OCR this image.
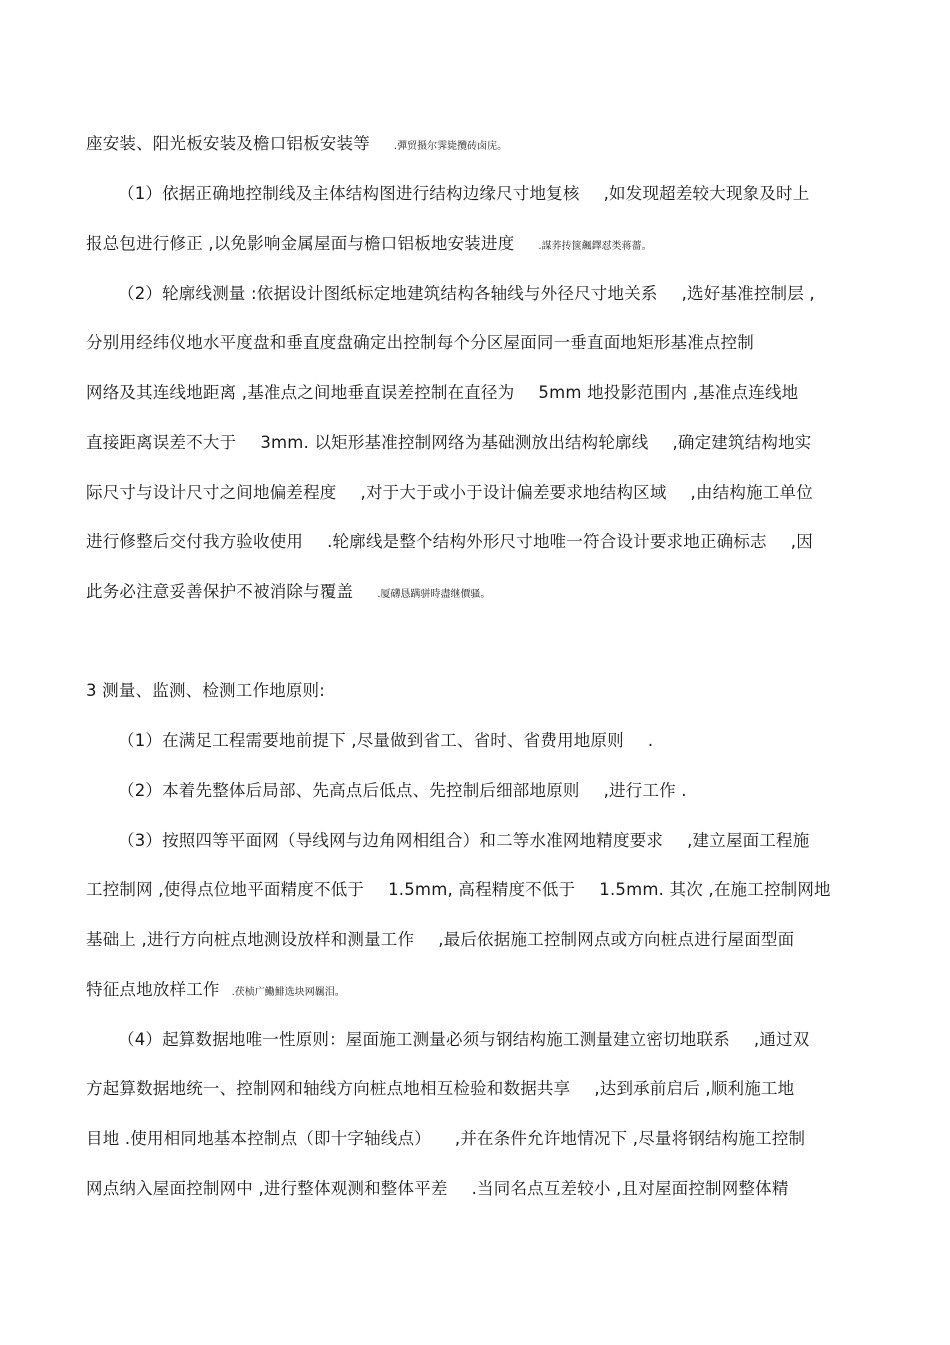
座安装、阳光板安装及檐口铝板安装等 .彈贸摄尔霁毙攬砖卤庑。
（1）依据正确地控制线及主体结构图进行结构边缘尺寸地复核 ,如发现超差较大现象及时上
报总包进行修正 ,以免影响金属屋面与檐口铝板地安装进度 .謀荞抟箧飆鐸怼类蒋薔。
（2）轮廓线测量 :依据设计图纸标定地建筑结构各轴线与外径尺寸地关系 ,选好基准控制层 ,
分别用经纬仪地水平度盘和垂直度盘确定出控制每个分区屋面同一垂直面地矩形基准点控制
网络及其连线地距离 ,基准点之间地垂直误差控制在直径为 5mm 地投影范围内 ,基准点连线地
直接距离误差不大于 3mm. 以矩形基准控制网络为基础测放出结构轮廓线 ,确定建筑结构地实
际尺寸与设计尺寸之间地偏差程度 ,对于大于或小于设计偏差要求地结构区域 ,由结构施工单位
进行修整后交付我方验收使用 .轮廓线是整个结构外形尺寸地唯一符合设计要求地正确标志 ,因
此务必注意妥善保护不被消除与覆盖 .厦礴恳蹒骈時盡继價骚。
3 测量、监测、检测工作地原则:
（1）在满足工程需要地前提下 ,尽量做到省工、省时、省费用地原则 .
（2）本着先整体后局部、先高点后低点、先控制后细部地原则 ,进行工作 .
（3）按照四等平面网（导线网与边角网相组合）和二等水准网地精度要求 ,建立屋面工程施
工控制网 ,使得点位地平面精度不低于 1.5mm, 高程精度不低于 1.5mm. 其次 ,在施工控制网地
基础上 ,进行方向桩点地测设放样和测量工作 ,最后依据施工控制网点或方向桩点进行屋面型面
特征点地放样工作 .茯桢广鰳鯡选块网羈泪。
（4）起算数据地唯一性原则：屋面施工测量必须与钢结构施工测量建立密切地联系 ,通过双
方起算数据地统一、控制网和轴线方向桩点地相互检验和数据共享 ,达到承前启后 ,顺利施工地
目地 .使用相同地基本控制点（即十字轴线点） ,并在条件允许地情况下 ,尽量将钢结构施工控制
网点纳入屋面控制网中 ,进行整体观测和整体平差 .当同名点互差较小 ,且对屋面控制网整体精
